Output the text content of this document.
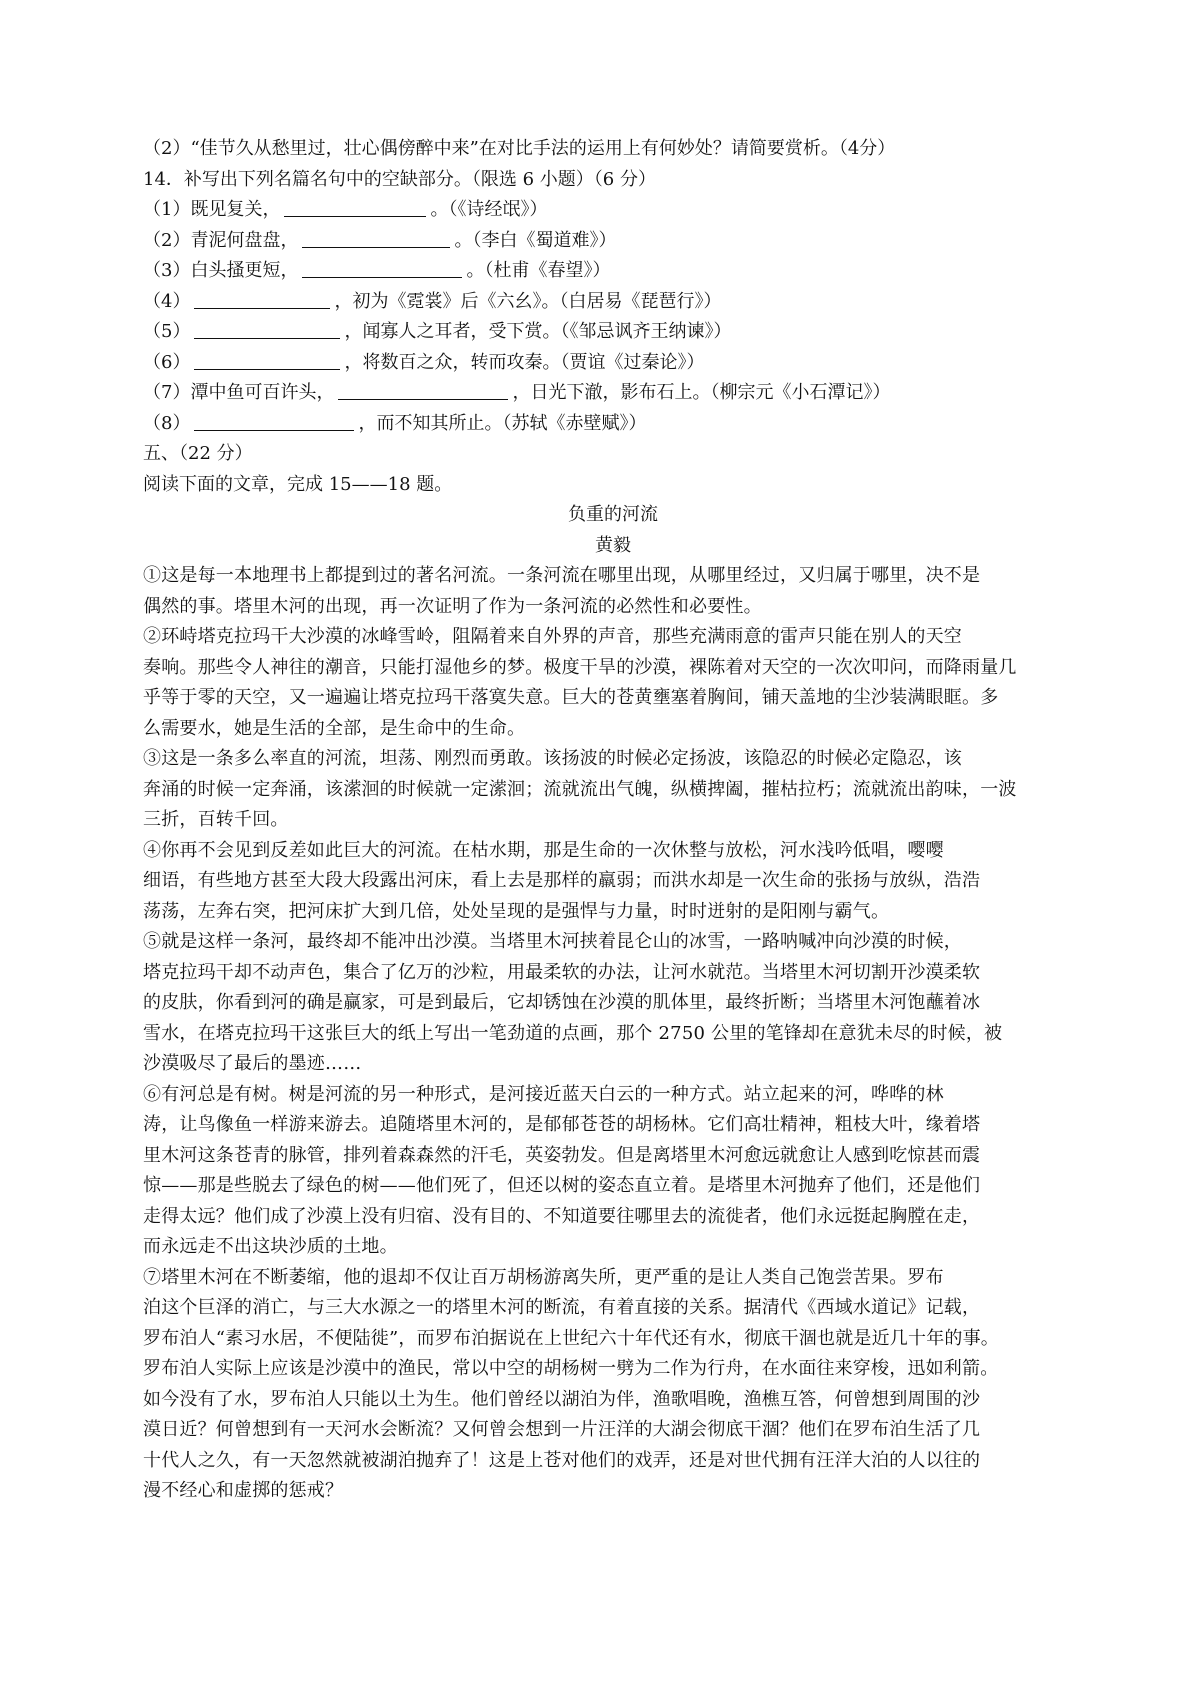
（2）“佳节久从愁里过，壮心偶傍醉中来”在对比手法的运用上有何妙处？请简要赏析。（4分）
14．补写出下列名篇名句中的空缺部分。（限选 6 小题）（6 分）
（1）既见复关，	。（《诗经氓》）
（2）青泥何盘盘，	。（李白《蜀道难》）
（3）白头搔更短，	。（杜甫《春望》）
（4）	，初为《霓裳》后《六幺》。（白居易《琵琶行》）
（5）	，闻寡人之耳者，受下赏。（《邹忌讽齐王纳谏》）
（6）	，将数百之众，转而攻秦。（贾谊《过秦论》）
（7）潭中鱼可百许头，	，日光下澈，影布石上。（柳宗元《小石潭记》）
（8）	，而不知其所止。（苏轼《赤壁赋》）
五、（22 分）
阅读下面的文章，完成 15——18 题。
负重的河流
黄毅
①这是每一本地理书上都提到过的著名河流。一条河流在哪里出现，从哪里经过，又归属于哪里，决不是
偶然的事。塔里木河的出现，再一次证明了作为一条河流的必然性和必要性。
②环峙塔克拉玛干大沙漠的冰峰雪岭，阻隔着来自外界的声音，那些充满雨意的雷声只能在别人的天空
奏响。那些令人神往的潮音，只能打湿他乡的梦。极度干旱的沙漠，裸陈着对天空的一次次叩问，而降雨量几
乎等于零的天空，又一遍遍让塔克拉玛干落寞失意。巨大的苍黄壅塞着胸间，铺天盖地的尘沙装满眼眶。多
么需要水，她是生活的全部，是生命中的生命。
③这是一条多么率直的河流，坦荡、刚烈而勇敢。该扬波的时候必定扬波，该隐忍的时候必定隐忍，该
奔涌的时候一定奔涌，该潆洄的时候就一定潆洄；流就流出气魄，纵横捭阖，摧枯拉朽；流就流出韵味，一波
三折，百转千回。
④你再不会见到反差如此巨大的河流。在枯水期，那是生命的一次休整与放松，河水浅吟低唱，嘤嘤
细语，有些地方甚至大段大段露出河床，看上去是那样的羸弱；而洪水却是一次生命的张扬与放纵，浩浩
荡荡，左奔右突，把河床扩大到几倍，处处呈现的是强悍与力量，时时迸射的是阳刚与霸气。
⑤就是这样一条河，最终却不能冲出沙漠。当塔里木河挟着昆仑山的冰雪，一路呐喊冲向沙漠的时候，
塔克拉玛干却不动声色，集合了亿万的沙粒，用最柔软的办法，让河水就范。当塔里木河切割开沙漠柔软
的皮肤，你看到河的确是赢家，可是到最后，它却锈蚀在沙漠的肌体里，最终折断；当塔里木河饱蘸着冰
雪水，在塔克拉玛干这张巨大的纸上写出一笔劲道的点画，那个 2750 公里的笔锋却在意犹未尽的时候，被
沙漠吸尽了最后的墨迹……
⑥有河总是有树。树是河流的另一种形式，是河接近蓝天白云的一种方式。站立起来的河，哗哗的林
涛，让鸟像鱼一样游来游去。追随塔里木河的，是郁郁苍苍的胡杨林。它们高壮精神，粗枝大叶，缘着塔
里木河这条苍青的脉管，排列着森森然的汗毛，英姿勃发。但是离塔里木河愈远就愈让人感到吃惊甚而震
惊——那是些脱去了绿色的树——他们死了，但还以树的姿态直立着。是塔里木河抛弃了他们，还是他们
走得太远？他们成了沙漠上没有归宿、没有目的、不知道要往哪里去的流徙者，他们永远挺起胸膛在走，
而永远走不出这块沙质的土地。
⑦塔里木河在不断萎缩，他的退却不仅让百万胡杨游离失所，更严重的是让人类自己饱尝苦果。罗布
泊这个巨泽的消亡，与三大水源之一的塔里木河的断流，有着直接的关系。据清代《西域水道记》记载，
罗布泊人“素习水居，不便陆徙”，而罗布泊据说在上世纪六十年代还有水，彻底干涸也就是近几十年的事。
罗布泊人实际上应该是沙漠中的渔民，常以中空的胡杨树一劈为二作为行舟，在水面往来穿梭，迅如利箭。
如今没有了水，罗布泊人只能以土为生。他们曾经以湖泊为伴，渔歌唱晚，渔樵互答，何曾想到周围的沙
漠日近？何曾想到有一天河水会断流？又何曾会想到一片汪洋的大湖会彻底干涸？他们在罗布泊生活了几
十代人之久，有一天忽然就被湖泊抛弃了！这是上苍对他们的戏弄，还是对世代拥有汪洋大泊的人以往的
漫不经心和虚掷的惩戒？
